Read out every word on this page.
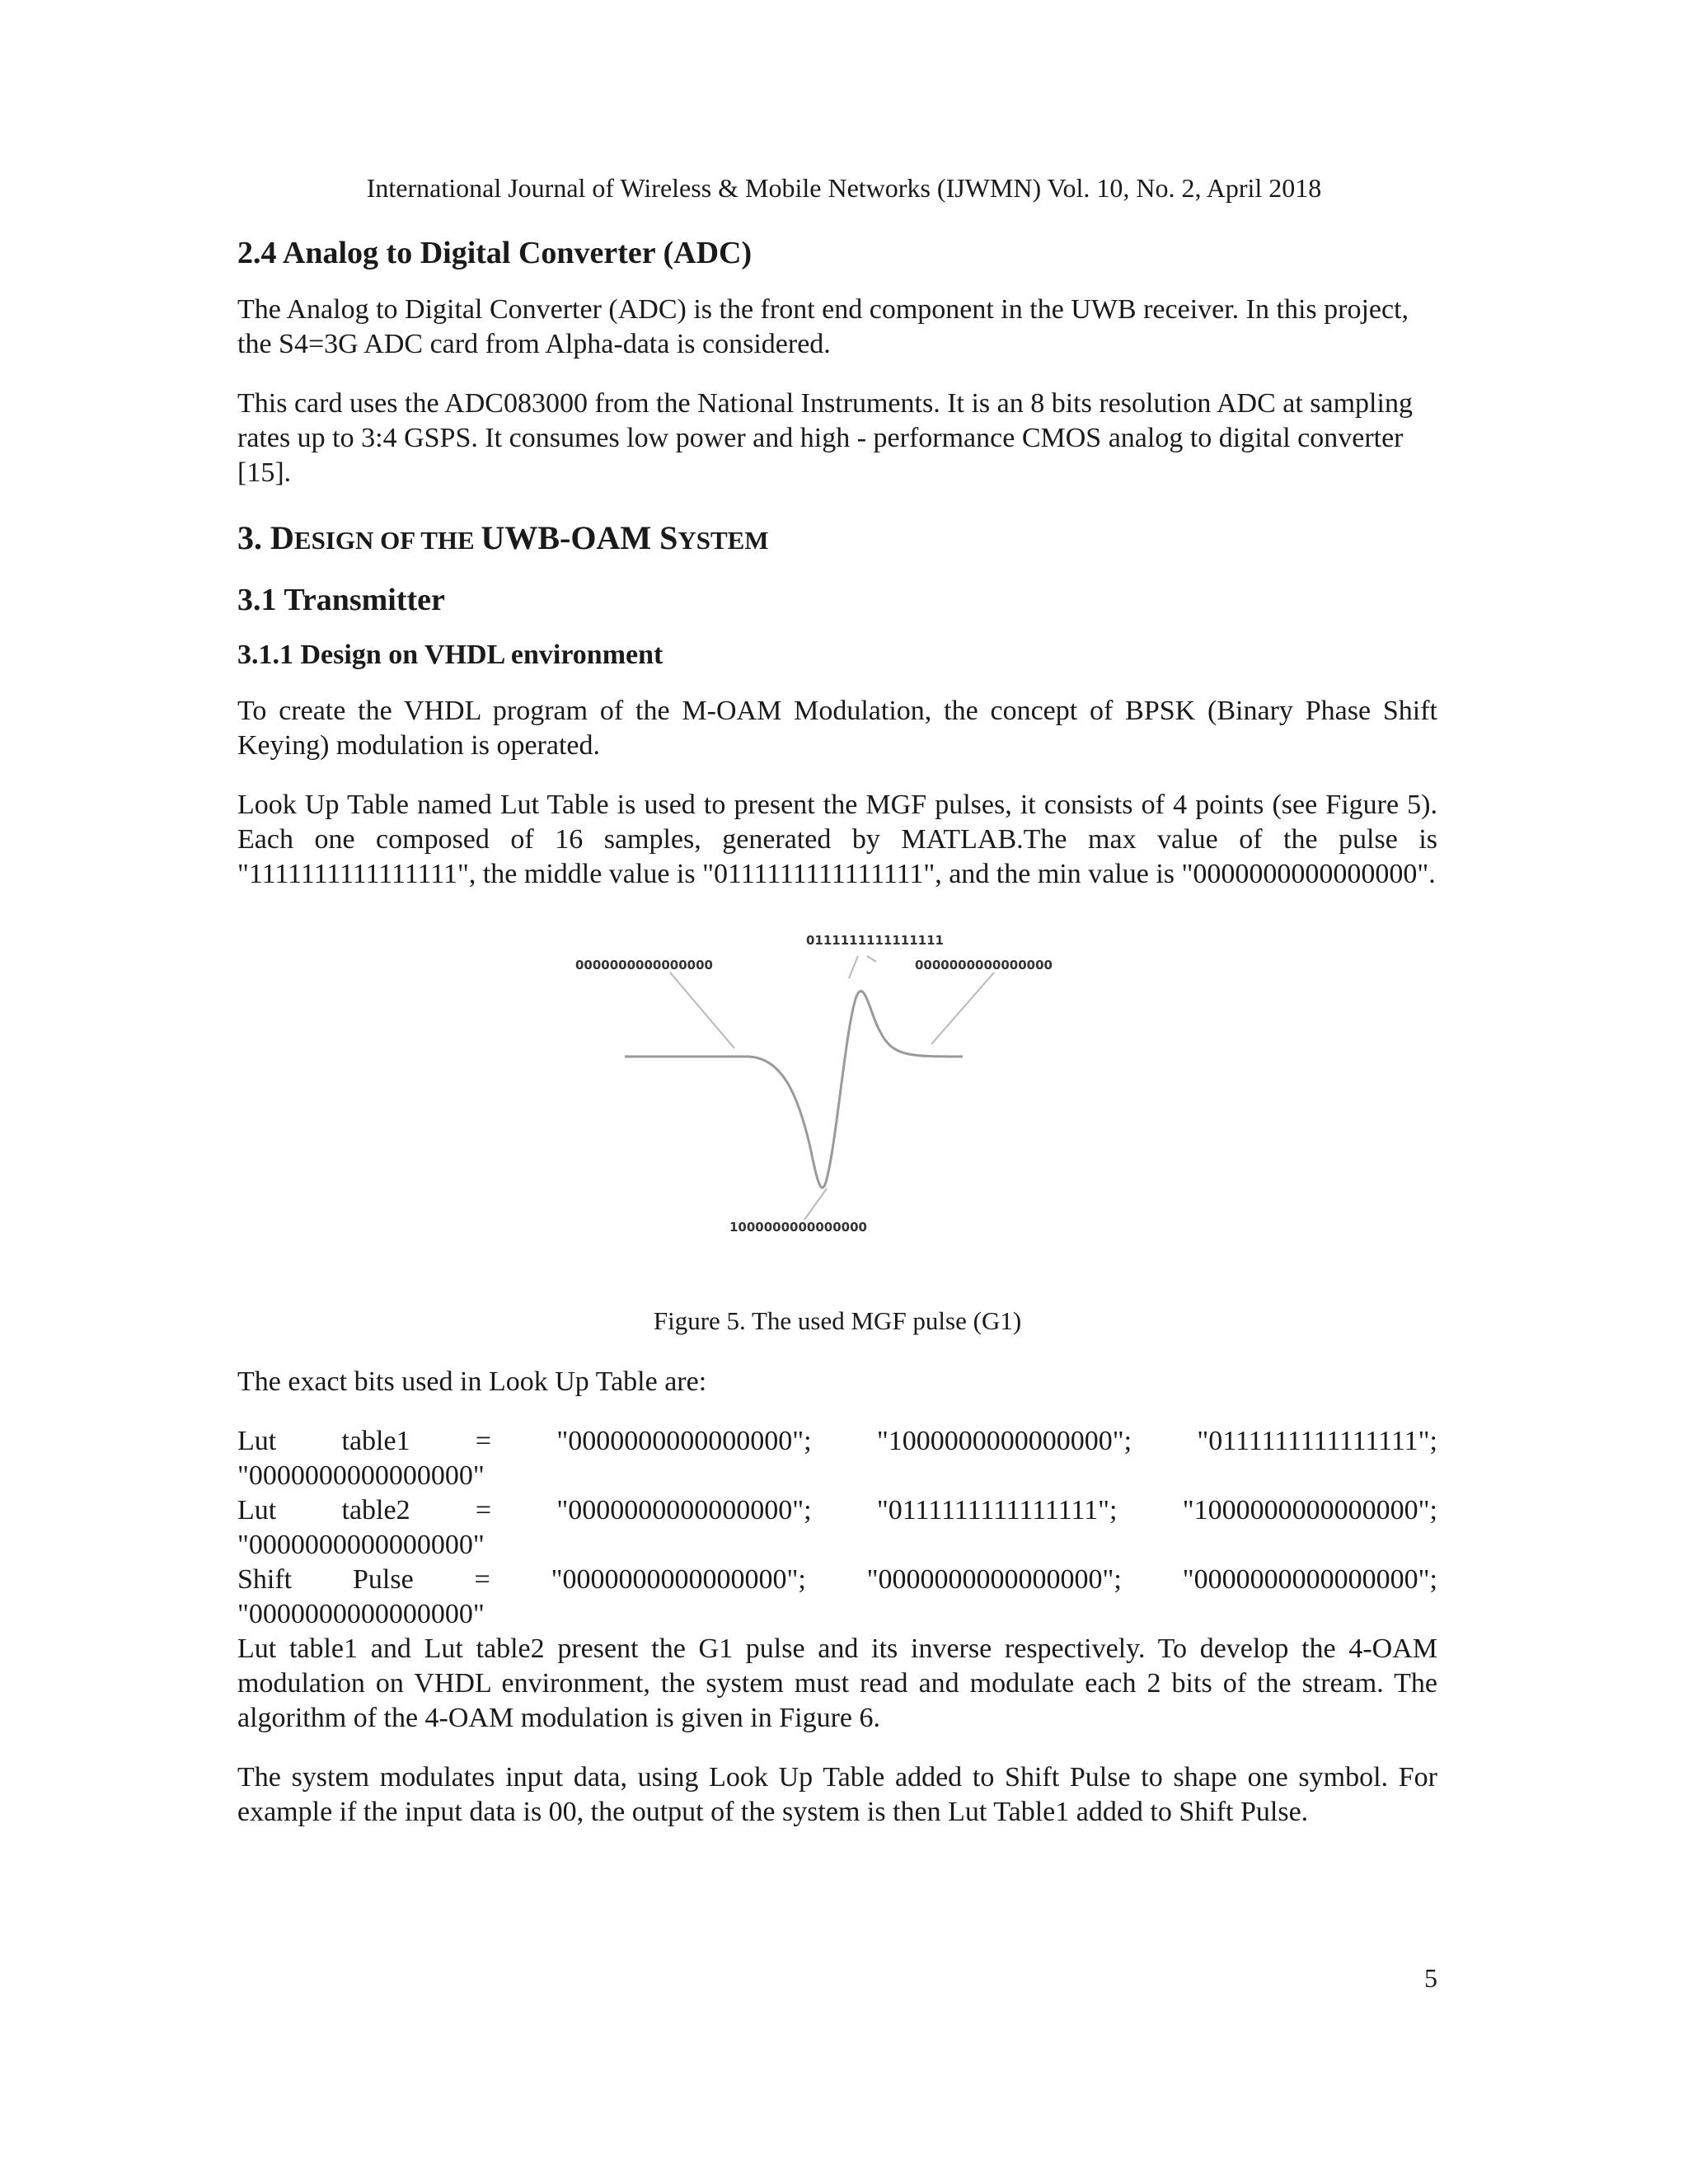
International Journal of Wireless & Mobile Networks (IJWMN) Vol. 10, No. 2, April 2018
2.4 Analog to Digital Converter (ADC)

The Analog to Digital Converter (ADC) is the front end component in the UWB receiver. In this project, the S4=3G ADC card from Alpha-data is considered.

This card uses the ADC083000 from the National Instruments. It is an 8 bits resolution ADC at sampling rates up to 3:4 GSPS. It consumes low power and high - performance CMOS analog to digital converter [15].

3. DESIGN OF THE UWB-OAM SYSTEM
3.1 Transmitter
3.1.1 Design on VHDL environment

To create the VHDL program of the M-OAM Modulation, the concept of BPSK (Binary Phase Shift Keying) modulation is operated.

Look Up Table named Lut Table is used to present the MGF pulses, it consists of 4 points (see Figure 5). Each one composed of 16 samples, generated by MATLAB.The max value of the pulse is "1111111111111111", the middle value is "0111111111111111", and the min value is "0000000000000000".

0111111111111111
0000000000000000	0000000000000000
1000000000000000

Figure 5. The used MGF pulse (G1)

The exact bits used in Look Up Table are:

Lut table1 = "0000000000000000"; "1000000000000000"; "0111111111111111";
"0000000000000000"
Lut table2 = "0000000000000000"; "0111111111111111"; "1000000000000000";
"0000000000000000"
Shift Pulse = "0000000000000000"; "0000000000000000"; "0000000000000000";
"0000000000000000"

Lut table1 and Lut table2 present the G1 pulse and its inverse respectively. To develop the 4-OAM modulation on VHDL environment, the system must read and modulate each 2 bits of the stream. The algorithm of the 4-OAM modulation is given in Figure 6.

The system modulates input data, using Look Up Table added to Shift Pulse to shape one symbol. For example if the input data is 00, the output of the system is then Lut Table1 added to Shift Pulse.

5
